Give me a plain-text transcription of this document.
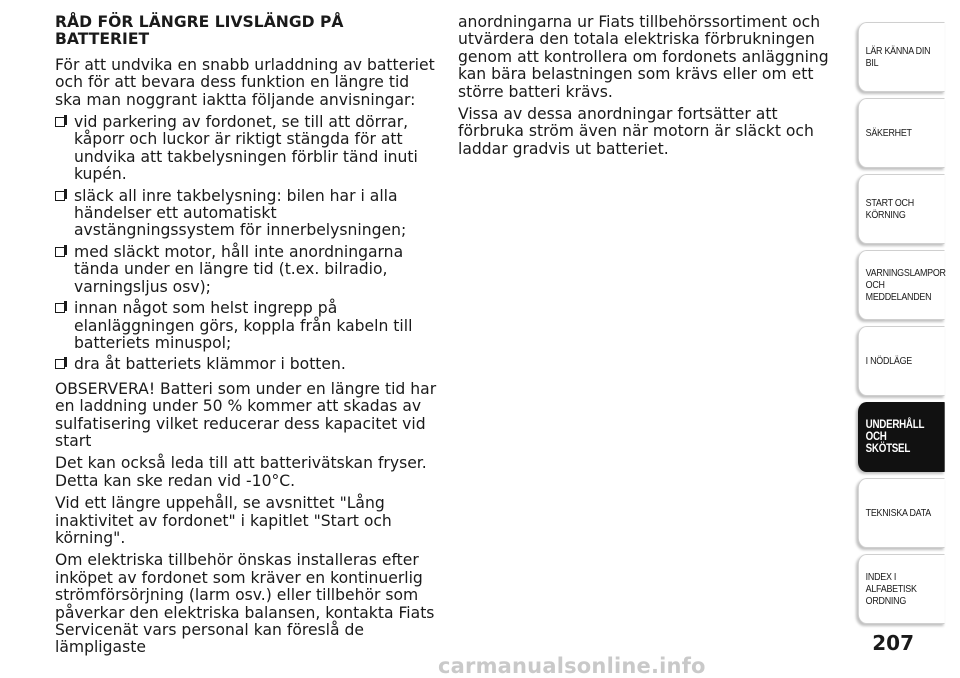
RÅD FÖR LÄNGRE LIVSLÄNGD PÅ BATTERIET

För att undvika en snabb urladdning av batteriet och för att bevara dess funktion en längre tid ska man noggrant iaktta följande anvisningar:

vid parkering av fordonet, se till att dörrar, kåporr och luckor är riktigt stängda för att undvika att takbelysningen förblir tänd inuti kupén.
släck all inre takbelysning: bilen har i alla händelser ett automatiskt avstängningssystem för innerbelysningen;
med släckt motor, håll inte anordningarna tända under en längre tid (t.ex. bilradio, varningsljus osv);
innan något som helst ingrepp på elanläggningen görs, koppla från kabeln till batteriets minuspol;
dra åt batteriets klämmor i botten.

OBSERVERA! Batteri som under en längre tid har en laddning under 50 % kommer att skadas av sulfatisering vilket reducerar dess kapacitet vid start

Det kan också leda till att batterivätskan fryser. Detta kan ske redan vid -10°C.

Vid ett längre uppehåll, se avsnittet "Lång inaktivitet av fordonet" i kapitlet "Start och körning".

Om elektriska tillbehör önskas installeras efter inköpet av fordonet som kräver en kontinuerlig strömförsörjning (larm osv.) eller tillbehör som påverkar den elektriska balansen, kontakta Fiats Servicenät vars personal kan föreslå de lämpligaste

anordningarna ur Fiats tillbehörssortiment och utvärdera den totala elektriska förbrukningen genom att kontrollera om fordonets anläggning kan bära belastningen som krävs eller om ett större batteri krävs.

Vissa av dessa anordningar fortsätter att förbruka ström även när motorn är släckt och laddar gradvis ut batteriet.

LÄR KÄNNA DIN BIL
SÄKERHET
START OCH
KÖRNING
VARNINGSLAMPOR
OCH
MEDDELANDEN
I NÖDLÄGE
UNDERHÅLL OCH
SKÖTSEL
TEKNISKA DATA
INDEX I ALFABETISK
ORDNING
207
carmanualsonline.info
